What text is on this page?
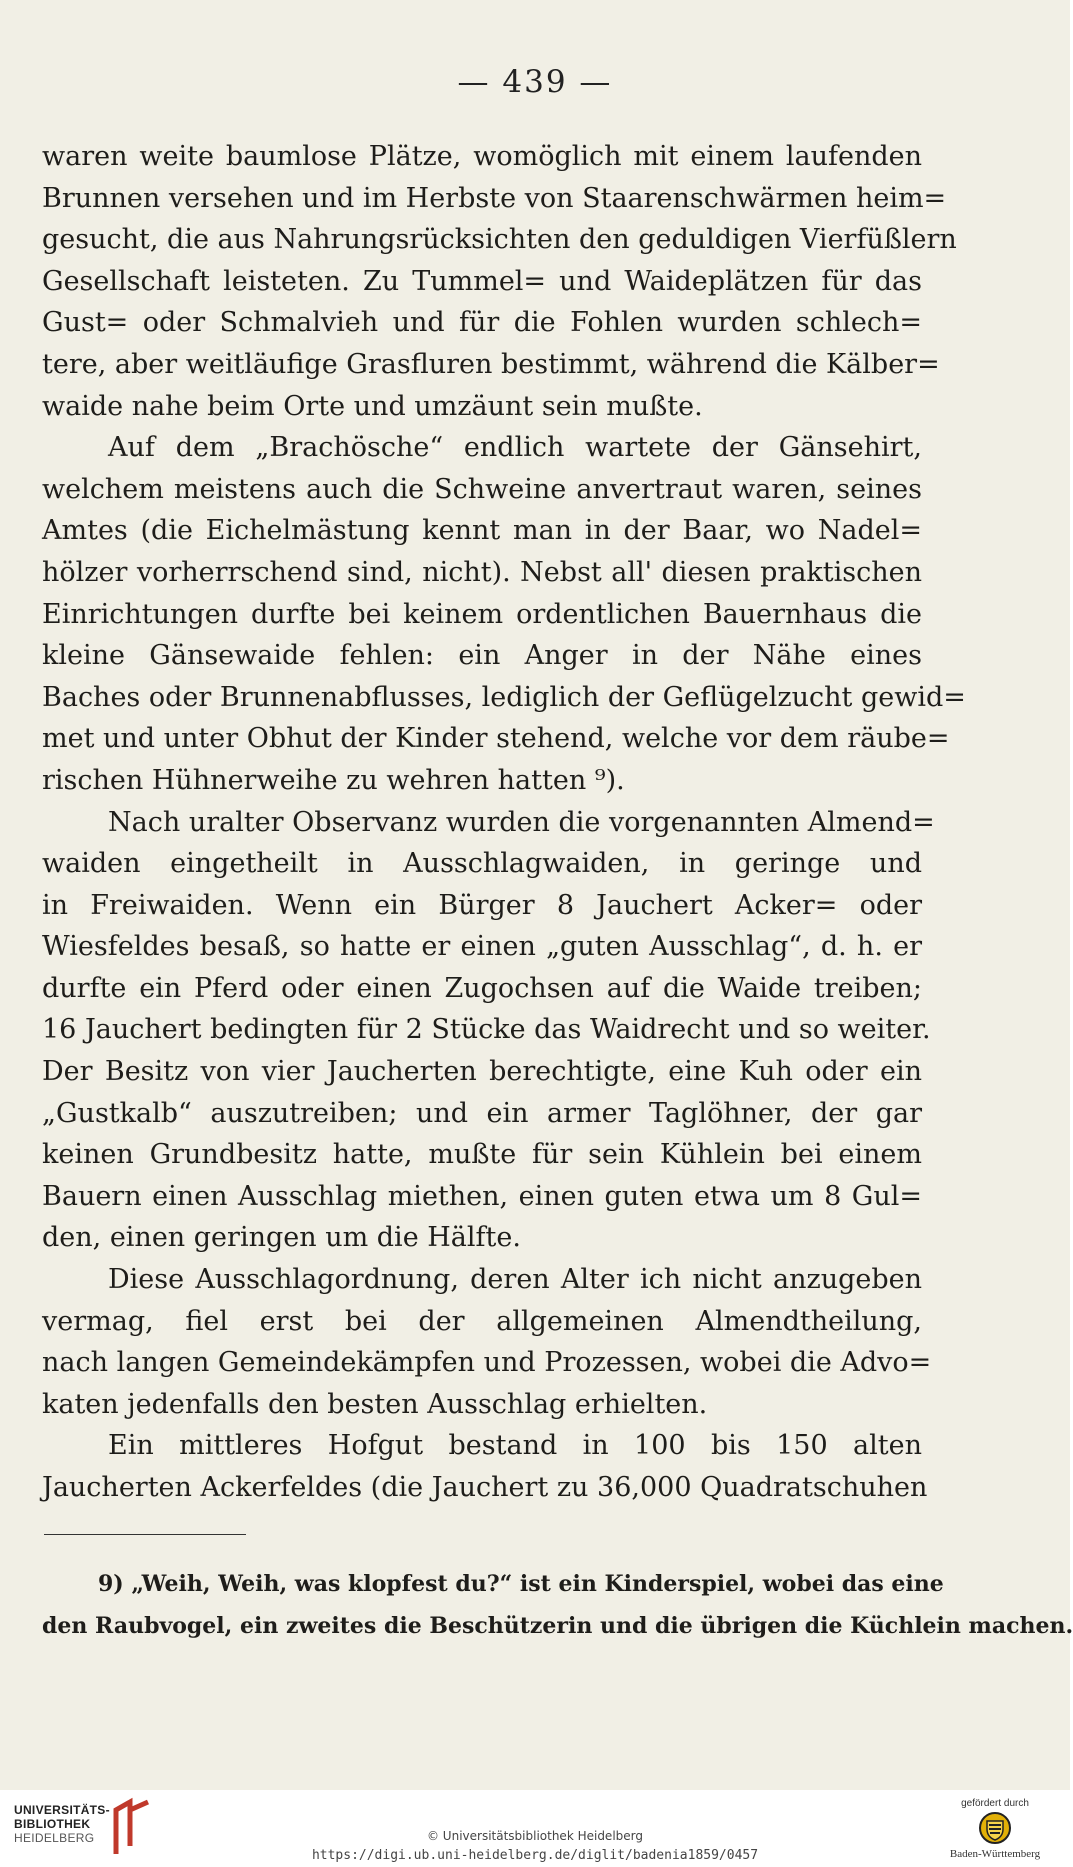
— 439 —
waren weite baumlose Plätze, womöglich mit einem laufenden
Brunnen versehen und im Herbste von Staarenschwärmen heim=
gesucht, die aus Nahrungsrücksichten den geduldigen Vierfüßlern
Gesellschaft leisteten. Zu Tummel= und Waideplätzen für das
Gust= oder Schmalvieh und für die Fohlen wurden schlech=
tere, aber weitläufige Grasfluren bestimmt, während die Kälber=
waide nahe beim Orte und umzäunt sein mußte.
Auf dem „Brachösche“ endlich wartete der Gänsehirt,
welchem meistens auch die Schweine anvertraut waren, seines
Amtes (die Eichelmästung kennt man in der Baar, wo Nadel=
hölzer vorherrschend sind, nicht). Nebst all' diesen praktischen
Einrichtungen durfte bei keinem ordentlichen Bauernhaus die
kleine Gänsewaide fehlen: ein Anger in der Nähe eines
Baches oder Brunnenabflusses, lediglich der Geflügelzucht gewid=
met und unter Obhut der Kinder stehend, welche vor dem räube=
rischen Hühnerweihe zu wehren hatten ⁹).
Nach uralter Observanz wurden die vorgenannten Almend=
waiden eingetheilt in Ausschlagwaiden, in geringe und
in Freiwaiden. Wenn ein Bürger 8 Jauchert Acker= oder
Wiesfeldes besaß, so hatte er einen „guten Ausschlag“, d. h. er
durfte ein Pferd oder einen Zugochsen auf die Waide treiben;
16 Jauchert bedingten für 2 Stücke das Waidrecht und so weiter.
Der Besitz von vier Jaucherten berechtigte, eine Kuh oder ein
„Gustkalb“ auszutreiben; und ein armer Taglöhner, der gar
keinen Grundbesitz hatte, mußte für sein Kühlein bei einem
Bauern einen Ausschlag miethen, einen guten etwa um 8 Gul=
den, einen geringen um die Hälfte.
Diese Ausschlagordnung, deren Alter ich nicht anzugeben
vermag, fiel erst bei der allgemeinen Almendtheilung,
nach langen Gemeindekämpfen und Prozessen, wobei die Advo=
katen jedenfalls den besten Ausschlag erhielten.
Ein mittleres Hofgut bestand in 100 bis 150 alten
Jaucherten Ackerfeldes (die Jauchert zu 36,000 Quadratschuhen
9) „Weih, Weih, was klopfest du?“ ist ein Kinderspiel, wobei das eine
den Raubvogel, ein zweites die Beschützerin und die übrigen die Küchlein machen.
UNIVERSITÄTS-
BIBLIOTHEK
HEIDELBERG	© Universitätsbibliothek Heidelberg
https://digi.ub.uni-heidelberg.de/diglit/badenia1859/0457
gefördert durch
Baden-Württemberg
